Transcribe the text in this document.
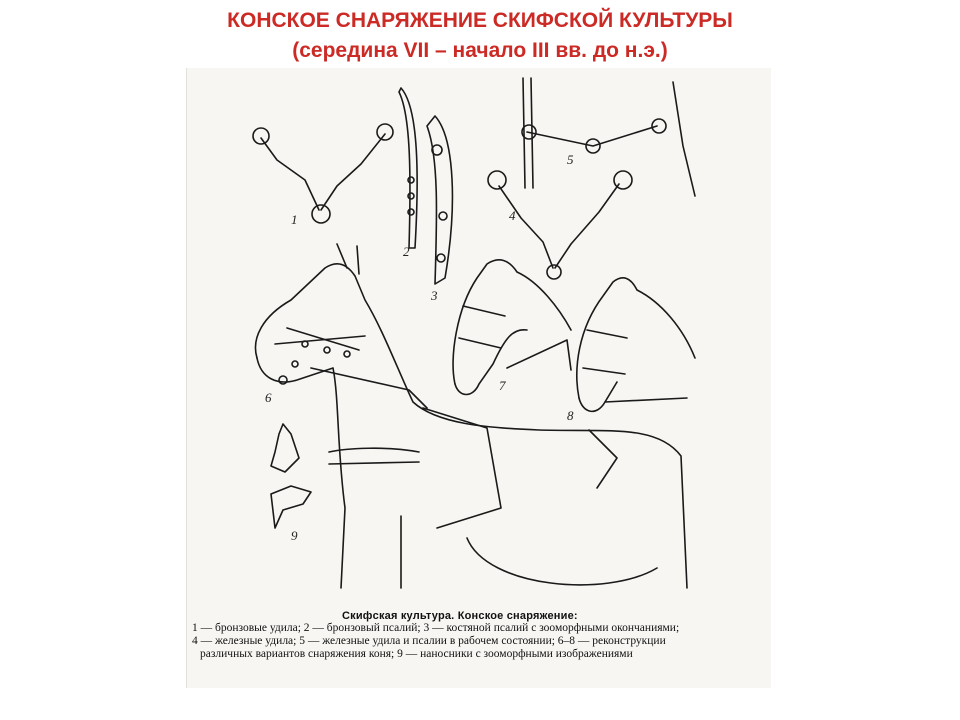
КОНСКОЕ СНАРЯЖЕНИЕ СКИФСКОЙ КУЛЬТУРЫ
(середина VII – начало III вв. до н.э.)
1
2
3
4
5
6
7
8
9
Скифская культура. Конское снаряжение:
1 — бронзовые удила; 2 — бронзовый псалий; 3 — костяной псалий с зооморфными окончаниями;
4 — железные удила; 5 — железные удила и псалии в рабочем состоянии; 6–8 — реконструкции
различных вариантов снаряжения коня; 9 — наносники с зооморфными изображениями
